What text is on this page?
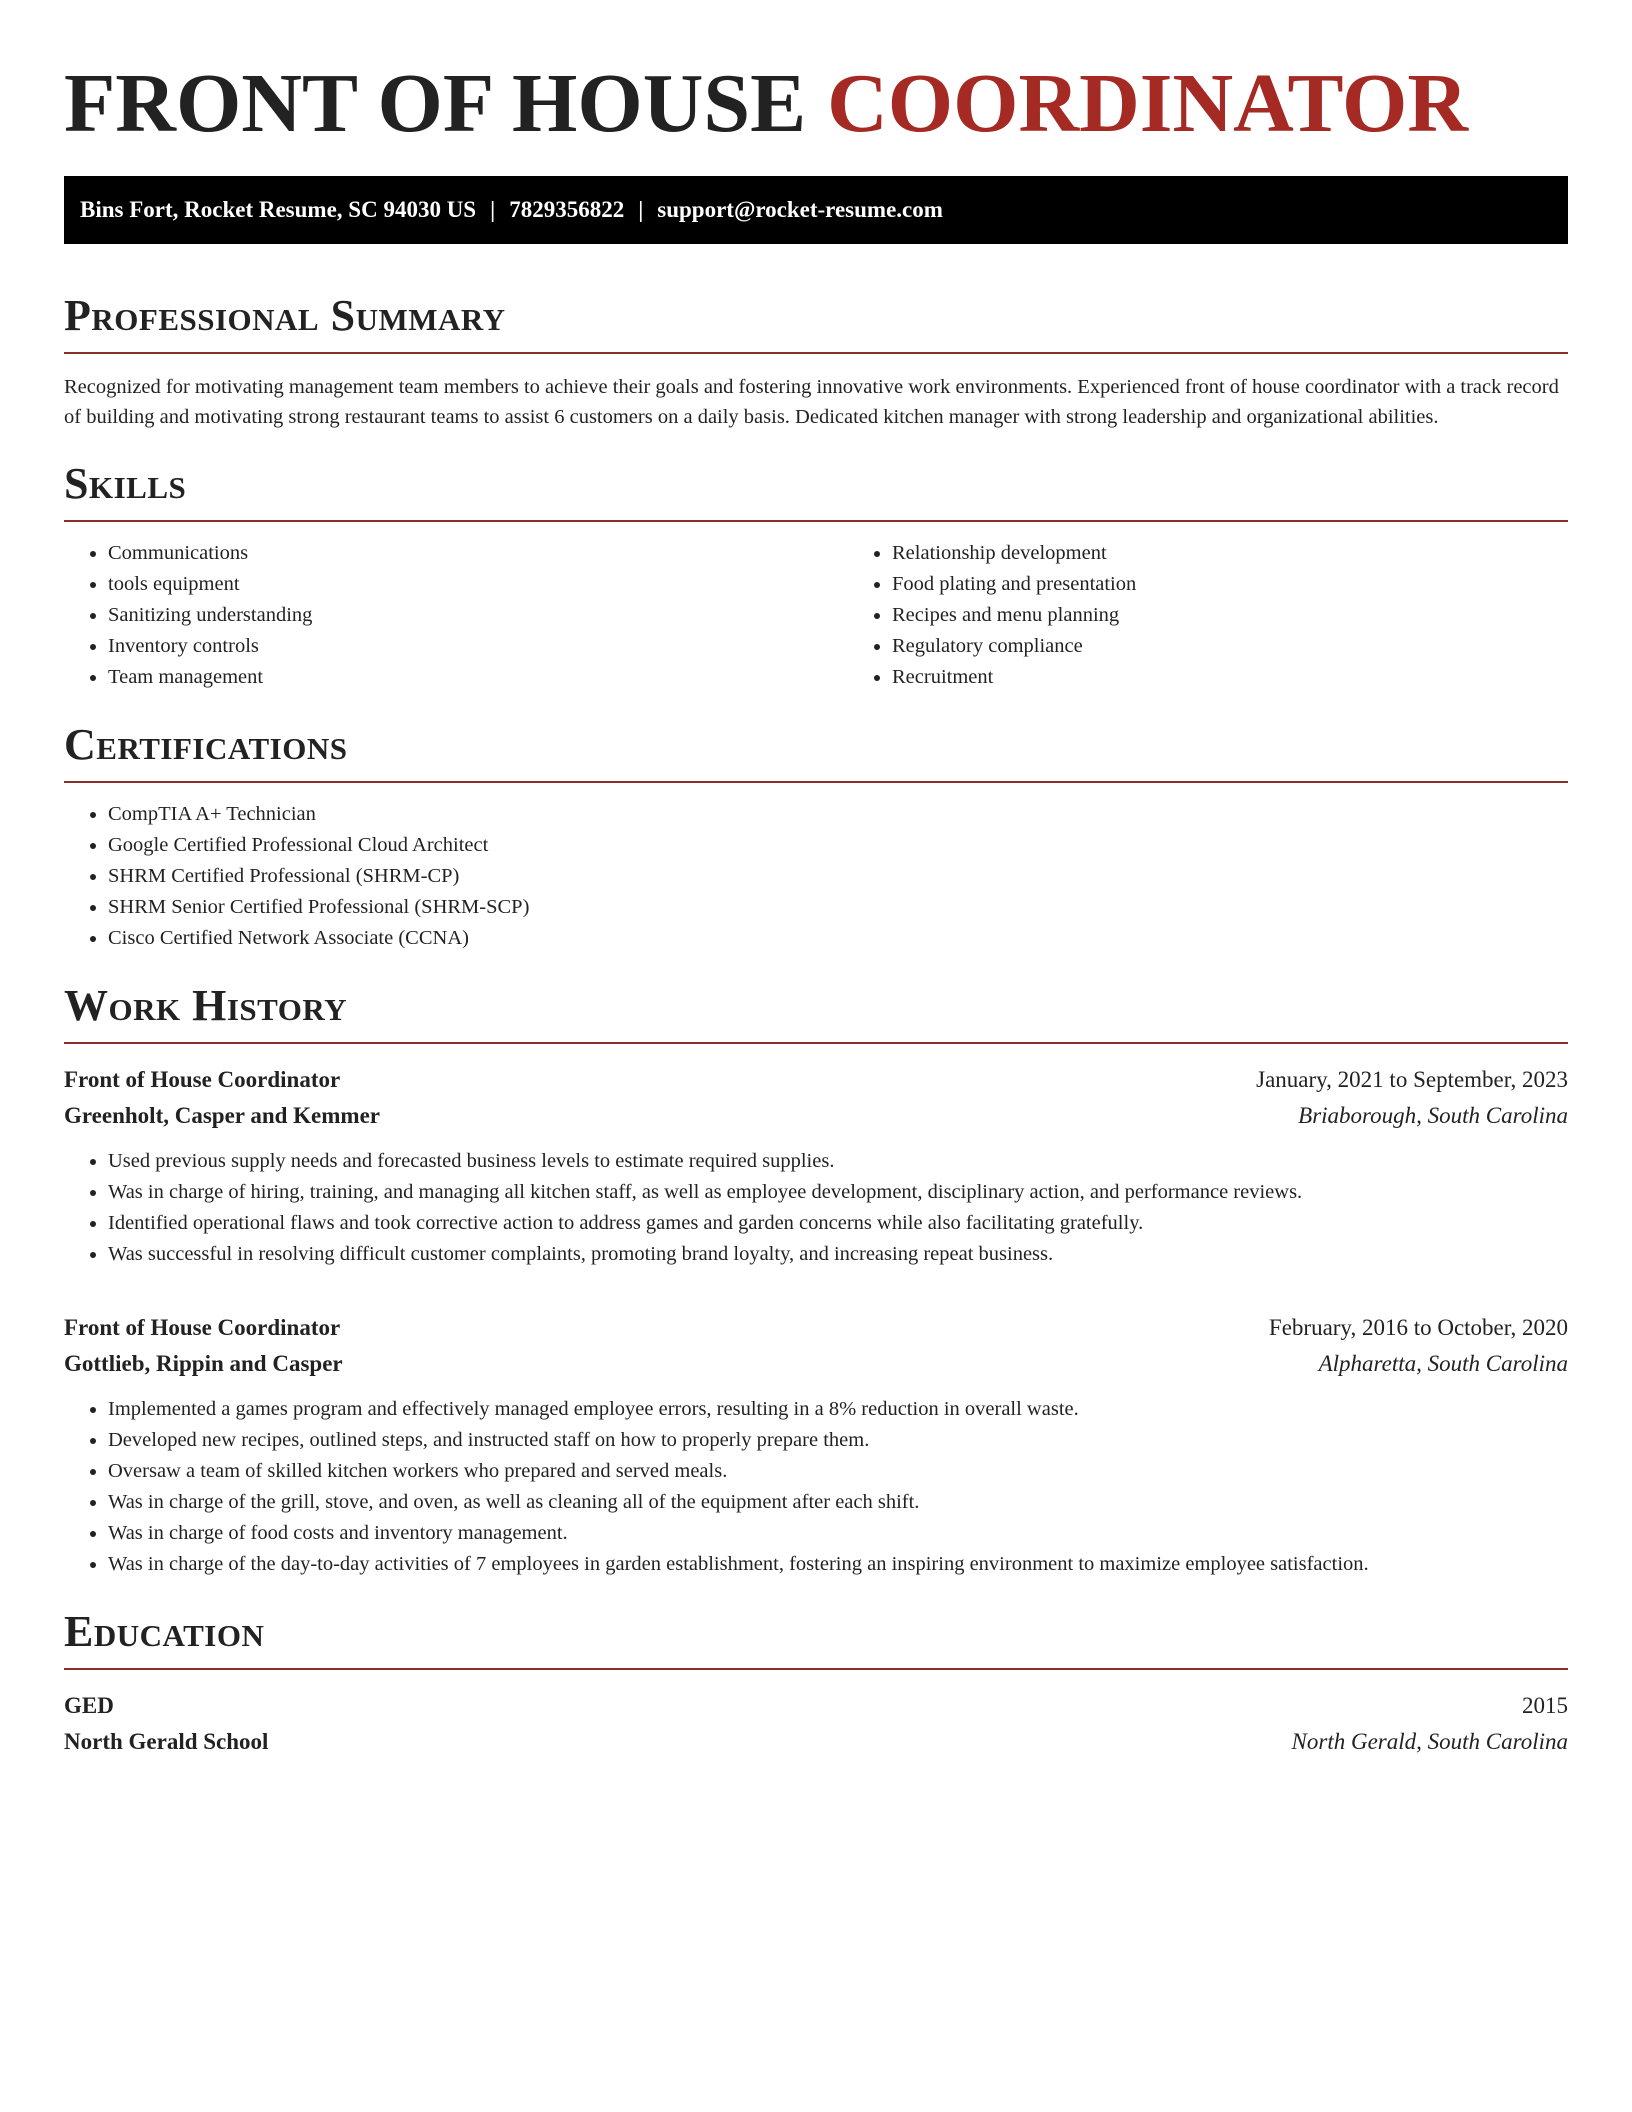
FRONT OF HOUSE COORDINATOR
Bins Fort, Rocket Resume, SC 94030 US | 7829356822 | support@rocket-resume.com
Professional Summary

Recognized for motivating management team members to achieve their goals and fostering innovative work environments. Experienced front of house coordinator with a track record of building and motivating strong restaurant teams to assist 6 customers on a daily basis. Dedicated kitchen manager with strong leadership and organizational abilities.

Skills
• Communications
• tools equipment
• Sanitizing understanding
• Inventory controls
• Team management
• Relationship development
• Food plating and presentation
• Recipes and menu planning
• Regulatory compliance
• Recruitment
Certifications
• CompTIA A+ Technician
• Google Certified Professional Cloud Architect
• SHRM Certified Professional (SHRM-CP)
• SHRM Senior Certified Professional (SHRM-SCP)
• Cisco Certified Network Associate (CCNA)
Work History
Front of House Coordinator	January, 2021 to September, 2023
Greenholt, Casper and Kemmer	Briaborough, South Carolina
• Used previous supply needs and forecasted business levels to estimate required supplies.
• Was in charge of hiring, training, and managing all kitchen staff, as well as employee development, disciplinary action, and performance reviews.
• Identified operational flaws and took corrective action to address games and garden concerns while also facilitating gratefully.
• Was successful in resolving difficult customer complaints, promoting brand loyalty, and increasing repeat business.
Front of House Coordinator	February, 2016 to October, 2020
Gottlieb, Rippin and Casper	Alpharetta, South Carolina
• Implemented a games program and effectively managed employee errors, resulting in a 8% reduction in overall waste.
• Developed new recipes, outlined steps, and instructed staff on how to properly prepare them.
• Oversaw a team of skilled kitchen workers who prepared and served meals.
• Was in charge of the grill, stove, and oven, as well as cleaning all of the equipment after each shift.
• Was in charge of food costs and inventory management.
• Was in charge of the day-to-day activities of 7 employees in garden establishment, fostering an inspiring environment to maximize employee satisfaction.
Education
GED	2015
North Gerald School	North Gerald, South Carolina
